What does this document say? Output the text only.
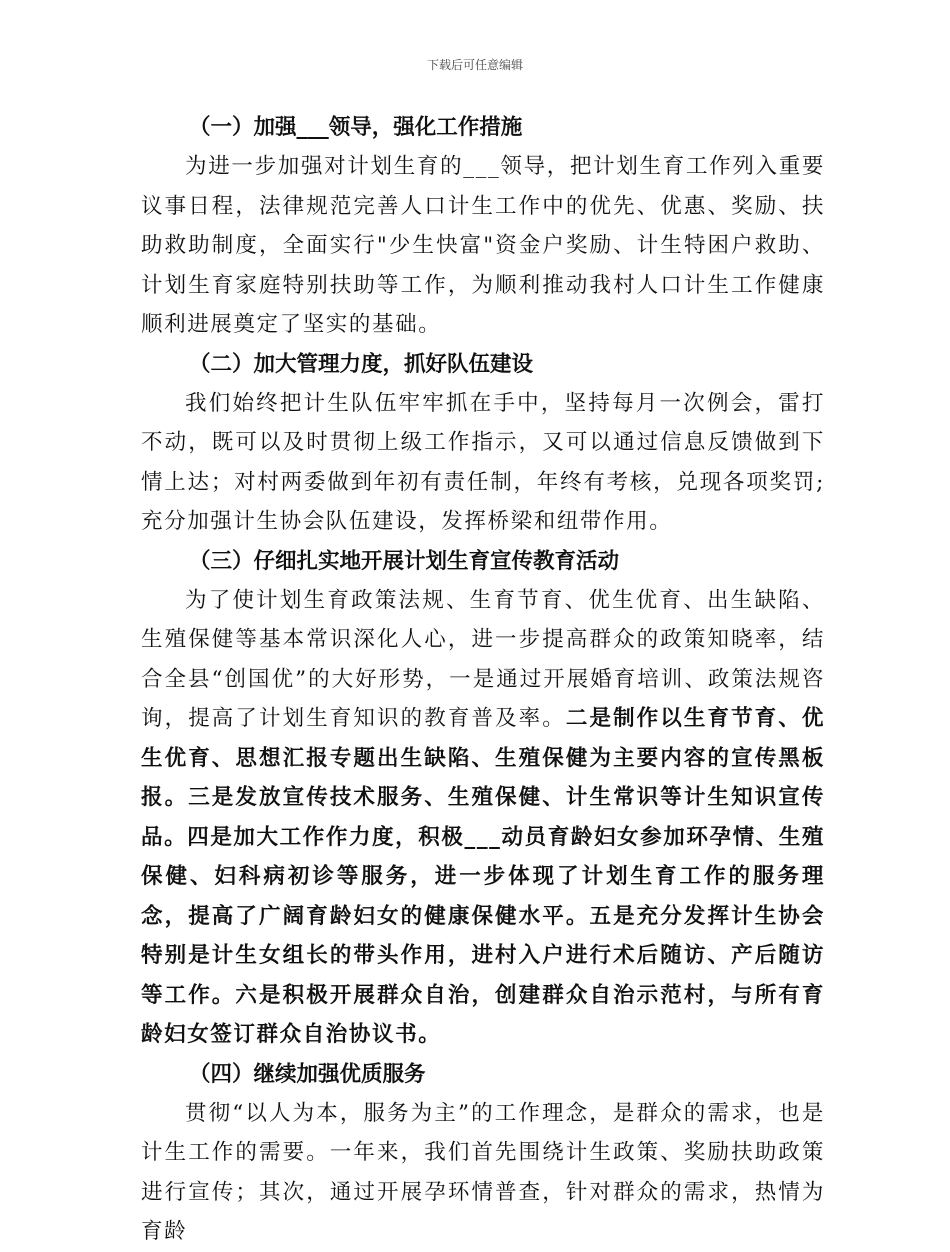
下载后可任意编辑

（一）加强___领导，强化工作措施

为进一步加强对计划生育的___领导，把计划生育工作列入重要议事日程，法律规范完善人口计生工作中的优先、优惠、奖励、扶助救助制度，全面实行"少生快富"资金户奖励、计生特困户救助、计划生育家庭特别扶助等工作，为顺利推动我村人口计生工作健康顺利进展奠定了坚实的基础。

（二）加大管理力度，抓好队伍建设

我们始终把计生队伍牢牢抓在手中，坚持每月一次例会，雷打不动，既可以及时贯彻上级工作指示，又可以通过信息反馈做到下情上达；对村两委做到年初有责任制，年终有考核，兑现各项奖罚;充分加强计生协会队伍建设，发挥桥梁和纽带作用。

（三）仔细扎实地开展计划生育宣传教育活动

为了使计划生育政策法规、生育节育、优生优育、出生缺陷、生殖保健等基本常识深化人心，进一步提高群众的政策知晓率，结合全县“创国优”的大好形势，一是通过开展婚育培训、政策法规咨询，提高了计划生育知识的教育普及率。二是制作以生育节育、优生优育、思想汇报专题出生缺陷、生殖保健为主要内容的宣传黑板报。三是发放宣传技术服务、生殖保健、计生常识等计生知识宣传品。四是加大工作作力度，积极___动员育龄妇女参加环孕情、生殖保健、妇科病初诊等服务，进一步体现了计划生育工作的服务理念，提高了广阔育龄妇女的健康保健水平。五是充分发挥计生协会特别是计生女组长的带头作用，进村入户进行术后随访、产后随访等工作。六是积极开展群众自治，创建群众自治示范村，与所有育龄妇女签订群众自治协议书。

（四）继续加强优质服务

贯彻“以人为本，服务为主”的工作理念，是群众的需求，也是计生工作的需要。一年来，我们首先围绕计生政策、奖励扶助政策进行宣传；其次，通过开展孕环情普查，针对群众的需求，热情为育龄
